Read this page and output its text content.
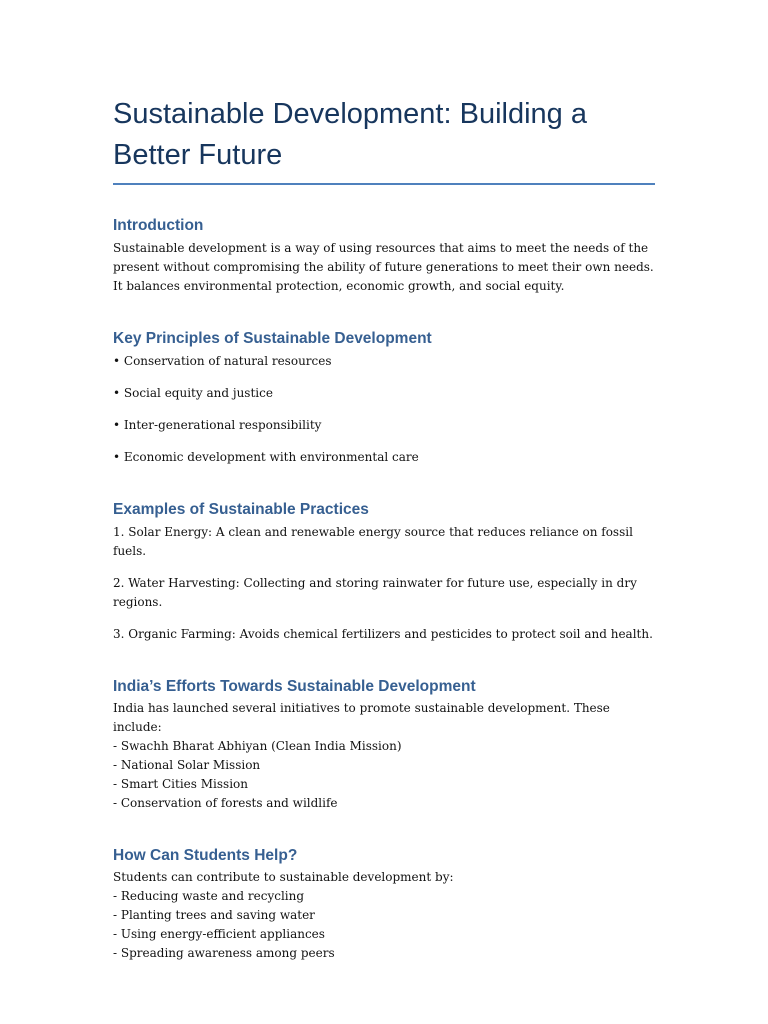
Sustainable Development: Building a Better Future
Introduction

Sustainable development is a way of using resources that aims to meet the needs of the present without compromising the ability of future generations to meet their own needs. It balances environmental protection, economic growth, and social equity.

Key Principles of Sustainable Development

• Conservation of natural resources

• Social equity and justice

• Inter-generational responsibility

• Economic development with environmental care

Examples of Sustainable Practices

1. Solar Energy: A clean and renewable energy source that reduces reliance on fossil fuels.

2. Water Harvesting: Collecting and storing rainwater for future use, especially in dry regions.

3. Organic Farming: Avoids chemical fertilizers and pesticides to protect soil and health.

India’s Efforts Towards Sustainable Development

India has launched several initiatives to promote sustainable development. These include:

- Swachh Bharat Abhiyan (Clean India Mission)

- National Solar Mission

- Smart Cities Mission

- Conservation of forests and wildlife

How Can Students Help?

Students can contribute to sustainable development by:

- Reducing waste and recycling

- Planting trees and saving water

- Using energy-efficient appliances

- Spreading awareness among peers
